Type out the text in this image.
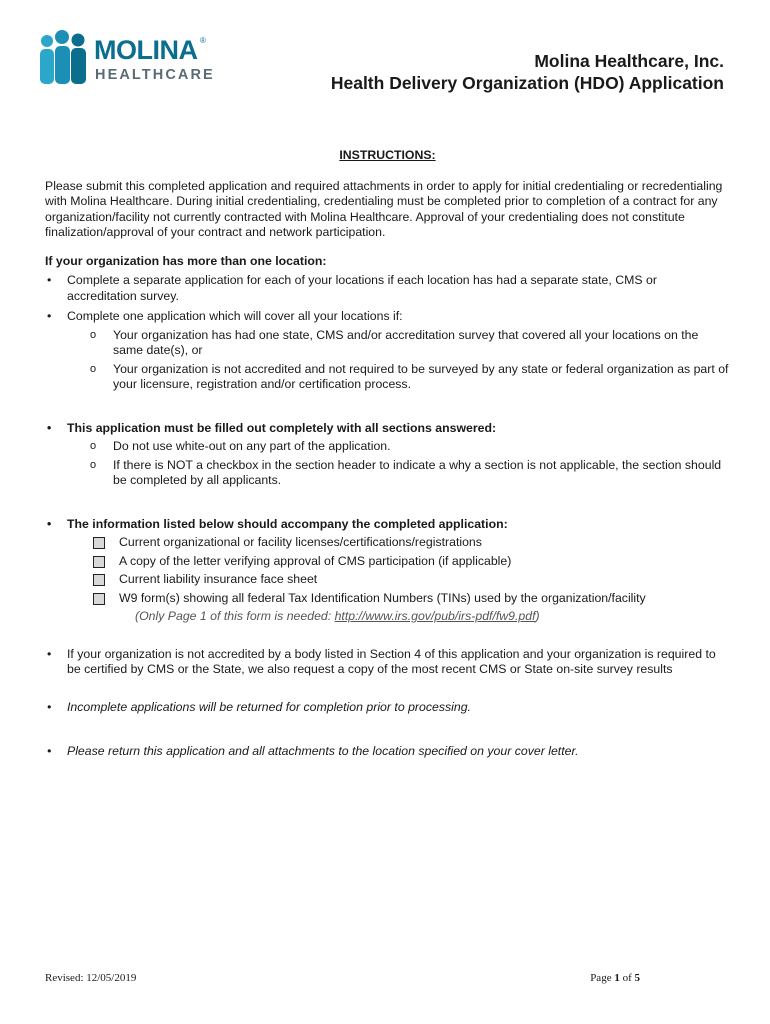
MOLINA ®
HEALTHCARE
Molina Healthcare, Inc.
Health Delivery Organization (HDO) Application

INSTRUCTIONS:

Please submit this completed application and required attachments in order to apply for initial credentialing or recredentialing with Molina Healthcare. During initial credentialing, credentialing must be completed prior to completion of a contract for any organization/facility not currently contracted with Molina Healthcare. Approval of your credentialing does not constitute finalization/approval of your contract and network participation.

If your organization has more than one location:

• Complete a separate application for each of your locations if each location has had a separate state, CMS or accreditation survey.

• Complete one application which will cover all your locations if:

o Your organization has had one state, CMS and/or accreditation survey that covered all your locations on the same date(s), or

o Your organization is not accredited and not required to be surveyed by any state or federal organization as part of your licensure, registration and/or certification process.

• This application must be filled out completely with all sections answered:

o Do not use white-out on any part of the application.

o If there is NOT a checkbox in the section header to indicate a why a section is not applicable, the section should be completed by all applicants.

• The information listed below should accompany the completed application:

Current organizational or facility licenses/certifications/registrations

A copy of the letter verifying approval of CMS participation (if applicable)

Current liability insurance face sheet

W9 form(s) showing all federal Tax Identification Numbers (TINs) used by the organization/facility

(Only Page 1 of this form is needed: http://www.irs.gov/pub/irs-pdf/fw9.pdf)

• If your organization is not accredited by a body listed in Section 4 of this application and your organization is required to be certified by CMS or the State, we also request a copy of the most recent CMS or State on-site survey results

• Incomplete applications will be returned for completion prior to processing.

• Please return this application and all attachments to the location specified on your cover letter.

Revised: 12/05/2019	Page 1 of 5
